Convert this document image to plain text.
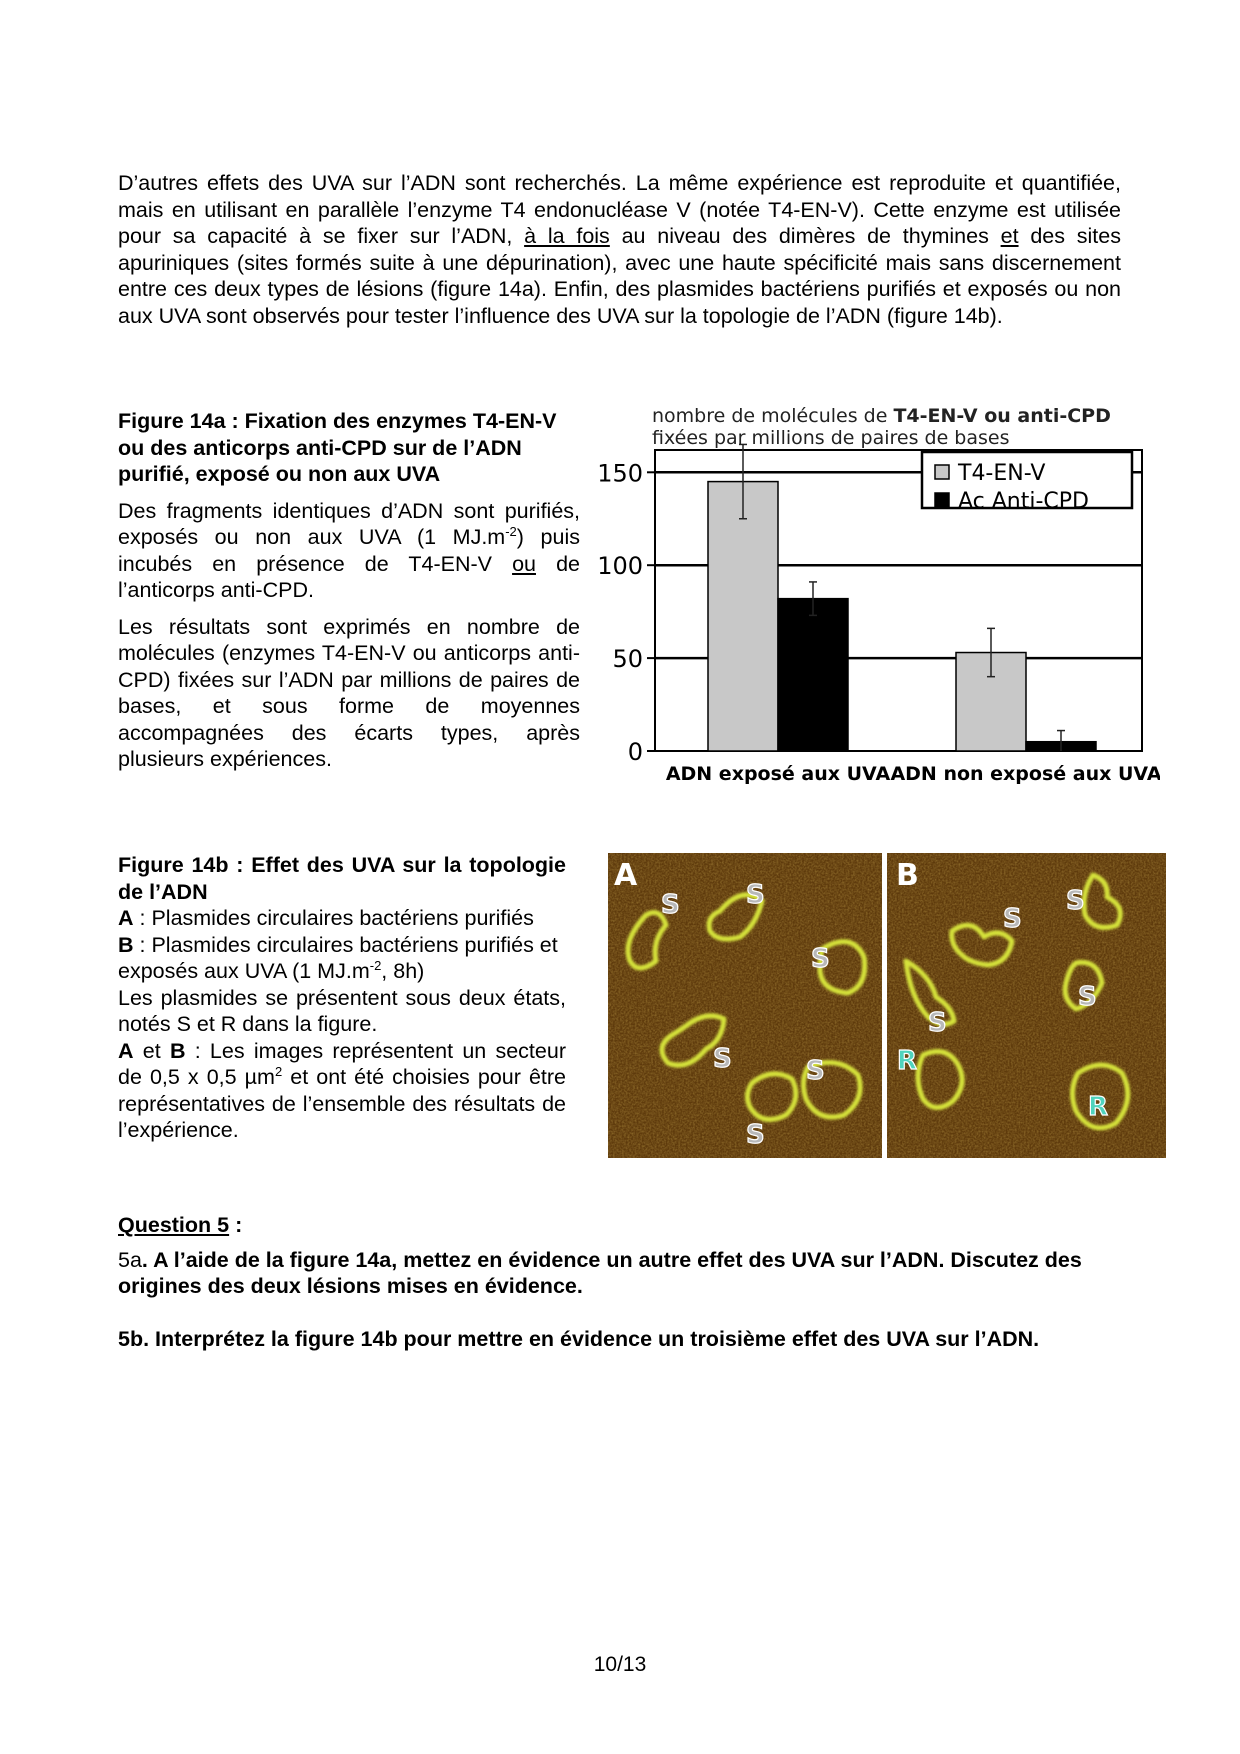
D’autres effets des UVA sur l’ADN sont recherchés. La même expérience est reproduite et quantifiée, mais en utilisant en parallèle l’enzyme T4 endonucléase V (notée T4-EN-V). Cette enzyme est utilisée pour sa capacité à se fixer sur l’ADN, à la fois au niveau des dimères de thymines et des sites apuriniques (sites formés suite à une dépurination), avec une haute spécificité mais sans discernement entre ces deux types de lésions (figure 14a). Enfin, des plasmides bactériens purifiés et exposés ou non aux UVA sont observés pour tester l’influence des UVA sur la topologie de l’ADN (figure 14b).

Figure 14a : Fixation des enzymes T4-EN-V ou des anticorps anti-CPD sur de l’ADN purifié, exposé ou non aux UVA

Des fragments identiques d’ADN sont purifiés, exposés ou non aux UVA (1 $MJ.m^{-2}$) puis incubés en présence de T4-EN-V ou de l’anticorps anti-CPD.

Les résultats sont exprimés en nombre de molécules (enzymes T4-EN-V ou anticorps anti-CPD) fixées sur l’ADN par millions de paires de bases, et sous forme de moyennes accompagnées des écarts types, après plusieurs expériences.

nombre de molécules de T4-EN-V ou anti-CPD
fixées par millions de paires de bases
0
50
100
150
ADN exposé aux UVA ADN non exposé aux UVA
T4-EN-V
Ac Anti-CPD

Figure 14b : Effet des UVA sur la topologie de l’ADN

A : Plasmides circulaires bactériens purifiés

B : Plasmides circulaires bactériens purifiés et exposés aux UVA (1 $MJ.m^{-2}$, 8h)

Les plasmides se présentent sous deux états, notés S et R dans la figure.

A et B : Les images représentent un secteur de 0,5 x 0,5 µm$^2$ et ont été choisies pour être représentatives de l’ensemble des résultats de l’expérience.

S	S
S
S	S
S
A
S
S
S
S
R
R
B

Question 5 :

5a. A l’aide de la figure 14a, mettez en évidence un autre effet des UVA sur l’ADN. Discutez des origines des deux lésions mises en évidence.

5b. Interprétez la figure 14b pour mettre en évidence un troisième effet des UVA sur l’ADN.

10/13
